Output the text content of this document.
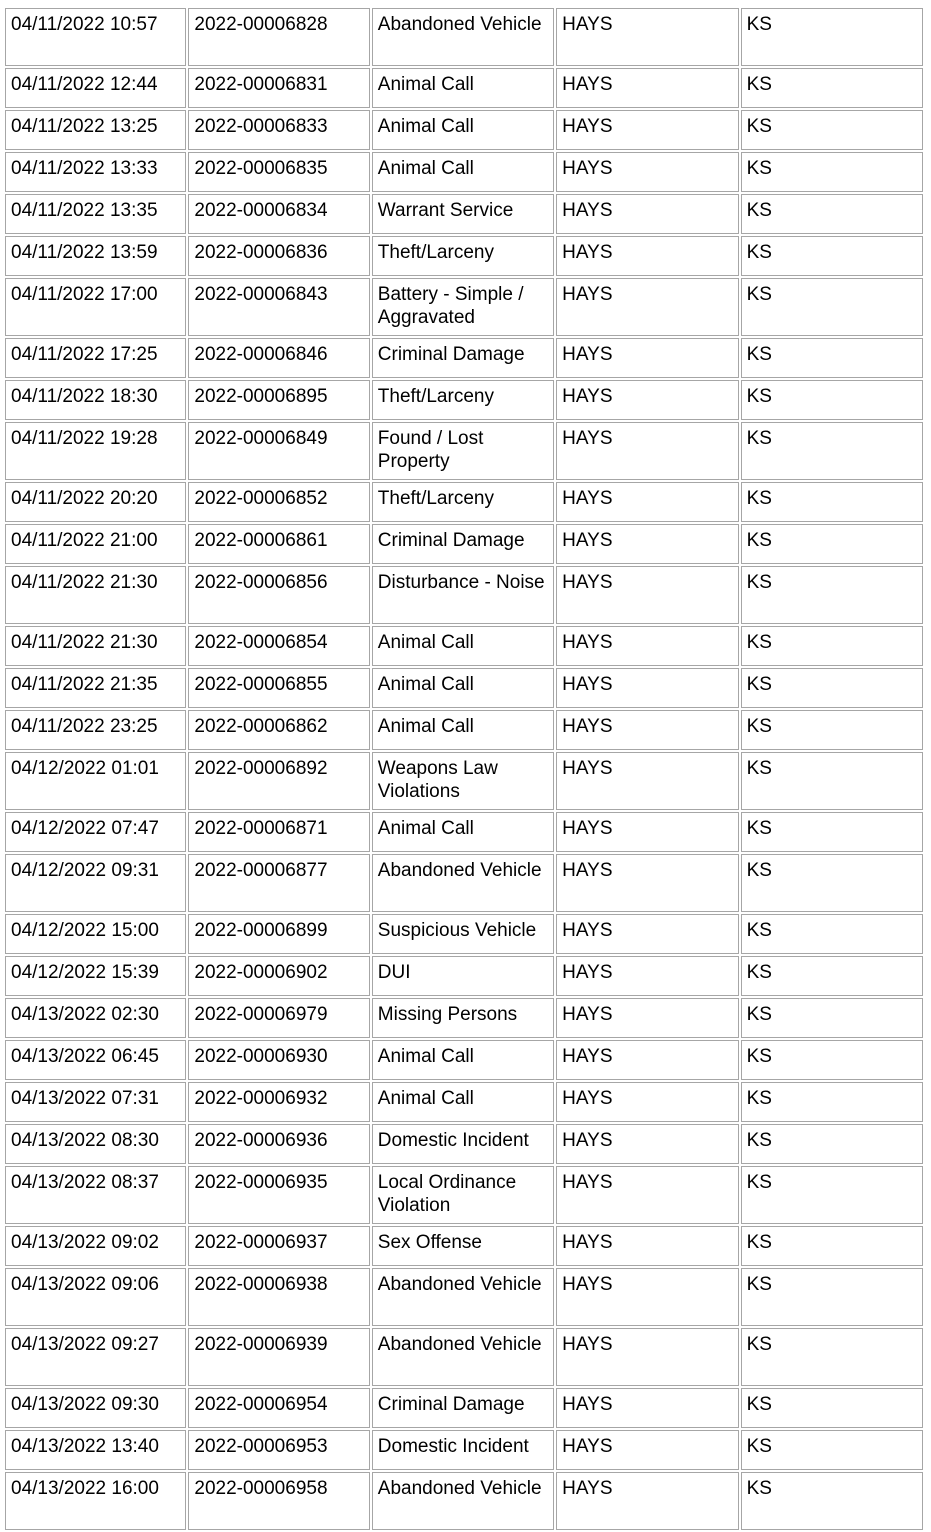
04/11/2022 10:57	2022-00006828	Abandoned Vehicle	HAYS	KS
04/11/2022 12:44	2022-00006831	Animal Call	HAYS	KS
04/11/2022 13:25	2022-00006833	Animal Call	HAYS	KS
04/11/2022 13:33	2022-00006835	Animal Call	HAYS	KS
04/11/2022 13:35	2022-00006834	Warrant Service	HAYS	KS
04/11/2022 13:59	2022-00006836	Theft/Larceny	HAYS	KS
04/11/2022 17:00	2022-00006843	Battery - Simple / Aggravated	HAYS	KS
04/11/2022 17:25	2022-00006846	Criminal Damage	HAYS	KS
04/11/2022 18:30	2022-00006895	Theft/Larceny	HAYS	KS
04/11/2022 19:28	2022-00006849	Found / Lost Property	HAYS	KS
04/11/2022 20:20	2022-00006852	Theft/Larceny	HAYS	KS
04/11/2022 21:00	2022-00006861	Criminal Damage	HAYS	KS
04/11/2022 21:30	2022-00006856	Disturbance - Noise	HAYS	KS
04/11/2022 21:30	2022-00006854	Animal Call	HAYS	KS
04/11/2022 21:35	2022-00006855	Animal Call	HAYS	KS
04/11/2022 23:25	2022-00006862	Animal Call	HAYS	KS
04/12/2022 01:01	2022-00006892	Weapons Law Violations	HAYS	KS
04/12/2022 07:47	2022-00006871	Animal Call	HAYS	KS
04/12/2022 09:31	2022-00006877	Abandoned Vehicle	HAYS	KS
04/12/2022 15:00	2022-00006899	Suspicious Vehicle	HAYS	KS
04/12/2022 15:39	2022-00006902	DUI	HAYS	KS
04/13/2022 02:30	2022-00006979	Missing Persons	HAYS	KS
04/13/2022 06:45	2022-00006930	Animal Call	HAYS	KS
04/13/2022 07:31	2022-00006932	Animal Call	HAYS	KS
04/13/2022 08:30	2022-00006936	Domestic Incident	HAYS	KS
04/13/2022 08:37	2022-00006935	Local Ordinance Violation	HAYS	KS
04/13/2022 09:02	2022-00006937	Sex Offense	HAYS	KS
04/13/2022 09:06	2022-00006938	Abandoned Vehicle	HAYS	KS
04/13/2022 09:27	2022-00006939	Abandoned Vehicle	HAYS	KS
04/13/2022 09:30	2022-00006954	Criminal Damage	HAYS	KS
04/13/2022 13:40	2022-00006953	Domestic Incident	HAYS	KS
04/13/2022 16:00	2022-00006958	Abandoned Vehicle	HAYS	KS
